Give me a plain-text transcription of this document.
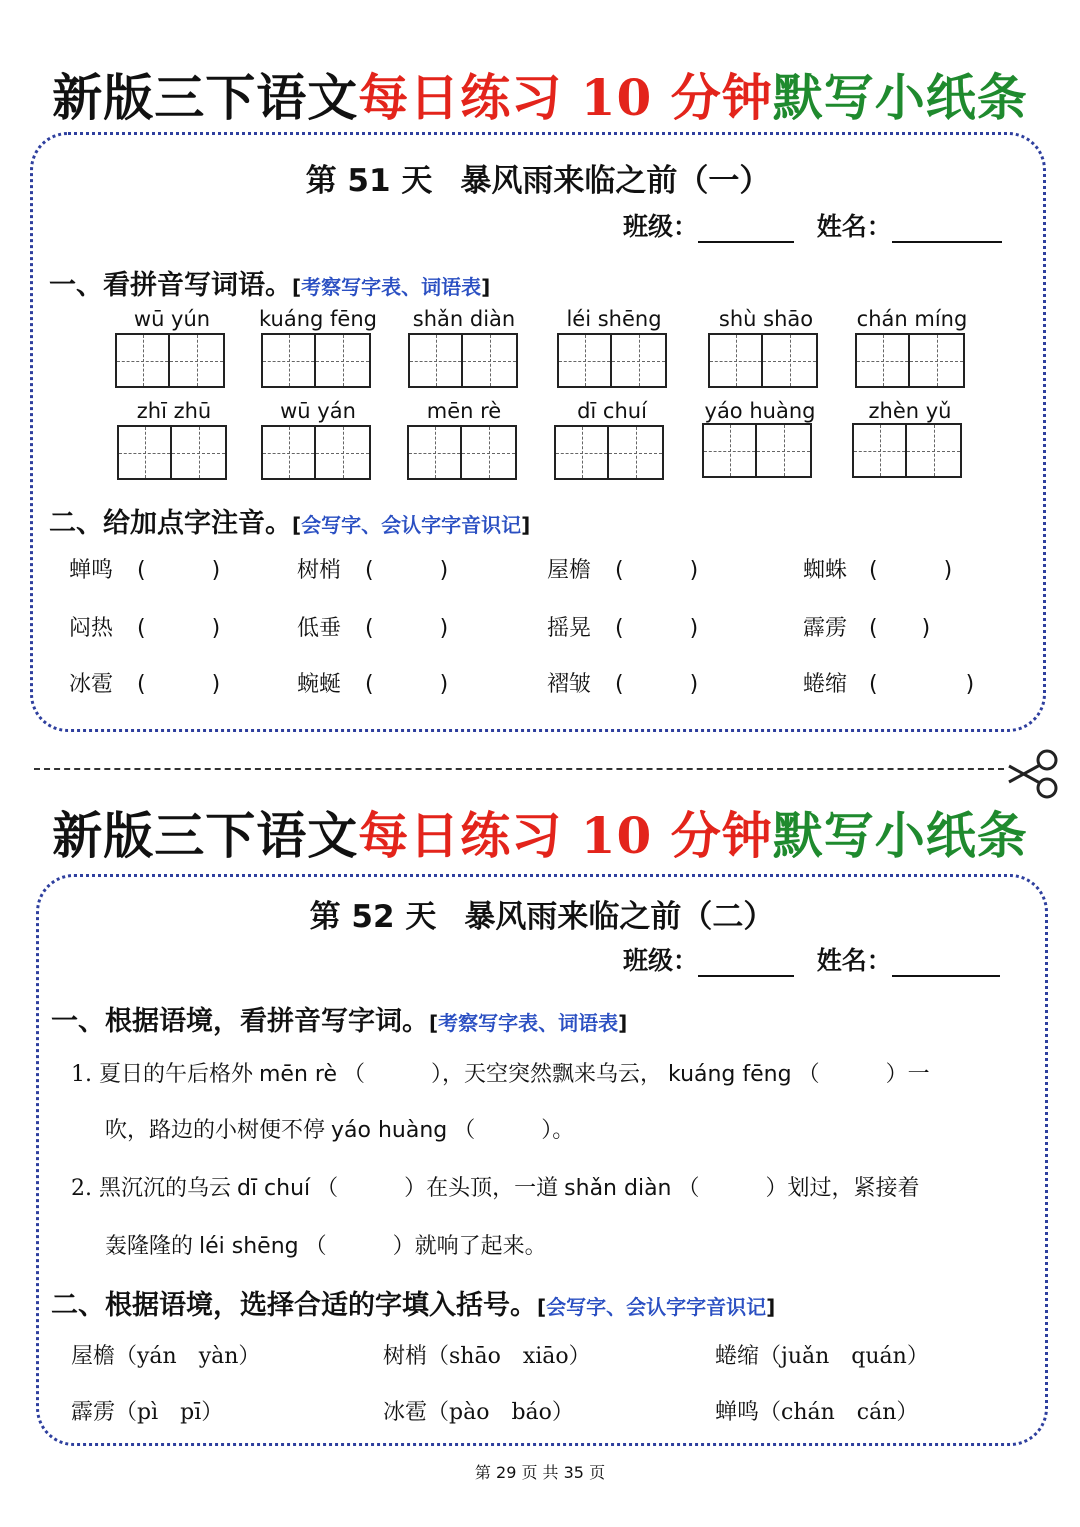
新版三下语文每日练习 10 分钟默写小纸条
第 51 天 暴风雨来临之前（一）
班级：	姓名：
一、看拼音写词语。[考察写字表、词语表]
wū yún	kuáng fēng	shǎn diàn	léi shēng	shù shāo	chán míng
zhī zhū	wū yán	mēn rè	dī chuí	yáo huàng	zhèn yǔ
二、给加点字注音。[会写字、会认字字音识记]
蝉鸣 (　　　)	树梢 (　　　)	屋檐 (　　　)	蜘蛛 (　　　)
闷热 (　　　)	低垂 (　　　)	摇晃 (　　　)	霹雳 (　　)
冰雹 (　　　)	蜿蜒 (　　　)	褶皱 (　　　)	蜷缩 (　　　　)
新版三下语文每日练习 10 分钟默写小纸条
第 52 天 暴风雨来临之前（二）
班级：	姓名：
一、根据语境，看拼音写字词。[考察写字表、词语表]
1. 夏日的午后格外 mēn rè （　　　），天空突然飘来乌云， kuáng fēng （　　　）一
吹，路边的小树便不停 yáo huàng （　　　）。
2. 黑沉沉的乌云 dī chuí （　　　）在头顶，一道 shǎn diàn （　　　）划过，紧接着
轰隆隆的 léi shēng （　　　）就响了起来。
二、根据语境，选择合适的字填入括号。[会写字、会认字字音识记]
屋檐（yán　yàn）	树梢（shāo　xiāo）	蜷缩（juǎn　quán）
霹雳（pì　pī）	冰雹（pào　báo）	蝉鸣（chán　cán）
第 29 页 共 35 页
